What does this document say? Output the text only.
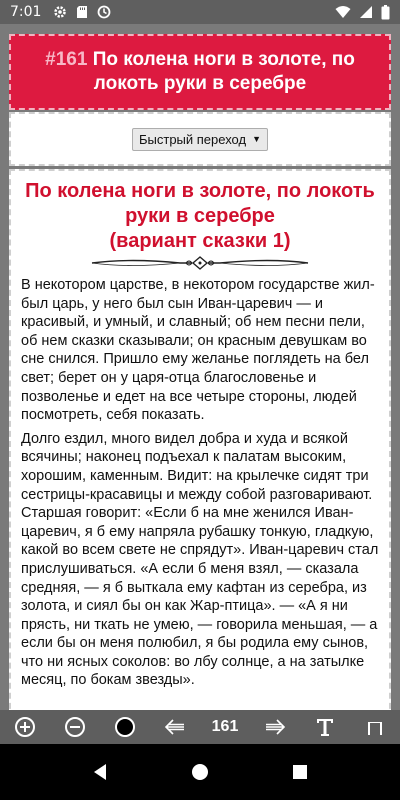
7:01
#161 По колена ноги в золоте, по локоть руки в серебре
Быстрый переход ▼
По колена ноги в золоте, по локоть руки в серебре
(вариант сказки 1)

В некотором царстве, в некотором государстве жил-был царь, у него был сын Иван-царевич — и красивый, и умный, и славный; об нем песни пели, об нем сказки сказывали; он красным девушкам во сне снился. Пришло ему желанье поглядеть на бел свет; берет он у царя-отца благословенье и позволенье и едет на все четыре стороны, людей посмотреть, себя показать.

Долго ездил, много видел добра и худа и всякой всячины; наконец подъехал к палатам высоким, хорошим, каменным. Видит: на крылечке сидят три сестрицы-красавицы и между собой разговаривают. Старшая говорит: «Если б на мне женился Иван-царевич, я б ему напряла рубашку тонкую, гладкую, какой во всем свете не спрядут». Иван-царевич стал прислушиваться. «А если б меня взял, — сказала средняя, — я б выткала ему кафтан из серебра, из золота, и сиял бы он как Жар-птица». — «А я ни прясть, ни ткать не умею, — говорила меньшая, — а если бы он меня полюбил, я бы родила ему сынов, что ни ясных соколов: во лбу солнце, а на затылке месяц, по бокам звезды».

161
